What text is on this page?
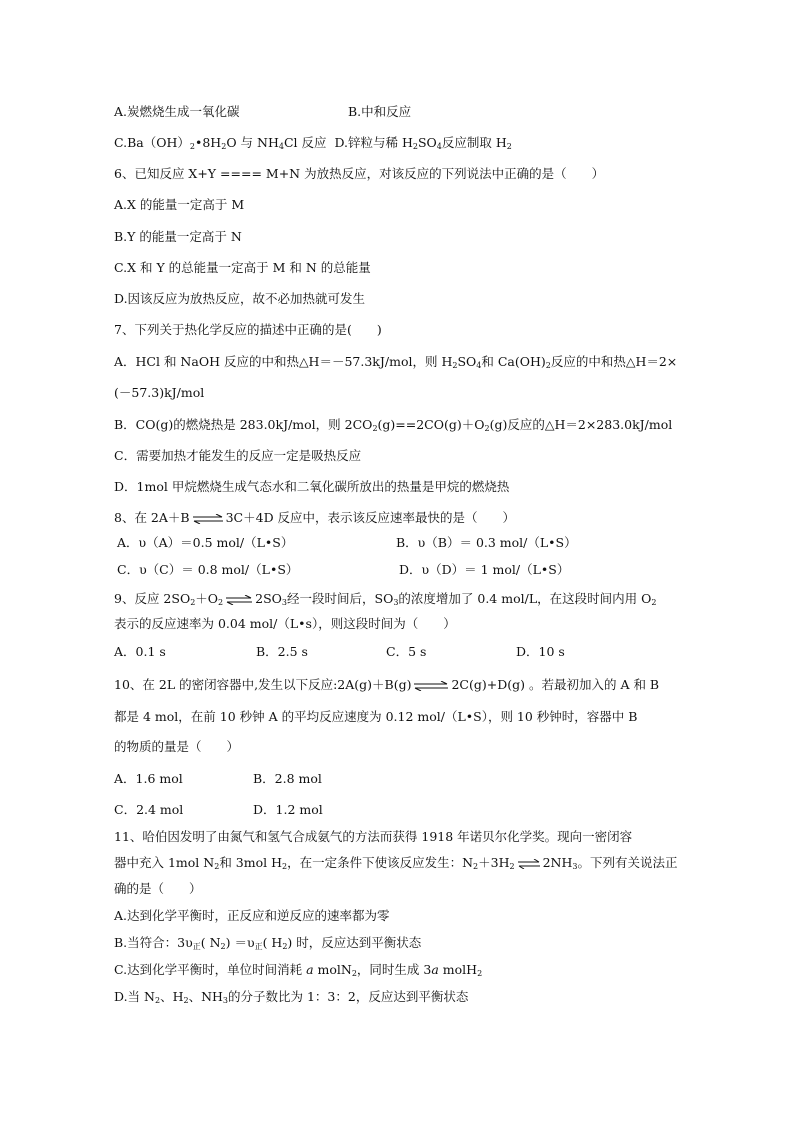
A.炭燃烧生成一氧化碳	B.中和反应
$C.Ba(OH)_2•8H_2O$ 与 $NH_4Cl$ 反应 D.锌粒与稀 $H_2SO_4$反应制取 $H_2$
6、已知反应 X+Y ==== M+N 为放热反应，对该反应的下列说法中正确的是（　　）
A.X 的能量一定高于 M
B.Y 的能量一定高于 N
C.X 和 Y 的总能量一定高于 M 和 N 的总能量
D.因该反应为放热反应，故不必加热就可发生
7、下列关于热化学反应的描述中正确的是(　　)
A．HCl 和 NaOH 反应的中和热△H＝－57.3kJ/mol，则 $H_2SO_4$和 $Ca(OH)_2$反应的中和热△H＝2×
(－57.3)kJ/mol
B．CO(g)的燃烧热是 283.0kJ/mol，则 $2CO_2(g)==2CO(g)+O_2(g)$反应的△H＝2×283.0kJ/mol
C．需要加热才能发生的反应一定是吸热反应
D．1mol 甲烷燃烧生成气态水和二氧化碳所放出的热量是甲烷的燃烧热
8、在 2A＋B ⇌ 3C＋4D 反应中，表示该反应速率最快的是（　　）
A．υ（A）＝0.5 mol/（L•S）	B．υ（B）＝ 0.3 mol/（L•S）
C．υ（C）＝ 0.8 mol/（L•S）	D．υ（D）＝ 1 mol/（L•S）
9、反应 $2SO_2+O_2$ ⇌ $2SO_3$经一段时间后，$SO_3$的浓度增加了 0.4 mol/L，在这段时间内用 $O_2$
表示的反应速率为 0.04 mol/（L•s），则这段时间为（　　）
A．0.1 s	B．2.5 s	C．5 s	D．10 s
10、在 2L 的密闭容器中,发生以下反应:2A(g)＋B(g) ⇌ 2C(g)+D(g) 。若最初加入的 A 和 B
都是 4 mol，在前 10 秒钟 A 的平均反应速度为 0.12 mol/（L•S），则 10 秒钟时，容器中 B
的物质的量是（　　）
A．1.6 mol	B．2.8 mol
C．2.4 mol	D．1.2 mol
11、哈伯因发明了由氮气和氢气合成氨气的方法而获得 1918 年诺贝尔化学奖。现向一密闭容
器中充入 1mol $N_2$和 3mol $H_2$，在一定条件下使该反应发生：$N_2+3H_2$ ⇌ $2NH_3$。下列有关说法正
确的是（　　）
A.达到化学平衡时，正反应和逆反应的速率都为零
B.当符合：$3\upsilon_正$( $N_2) =\upsilon_正$( $H_2$) 时，反应达到平衡状态
C.达到化学平衡时，单位时间消耗 a molN$_2$，同时生成 3a molH$_2$
D.当 $N_2$、$H_2$、$NH_3$的分子数比为 1：3：2，反应达到平衡状态
